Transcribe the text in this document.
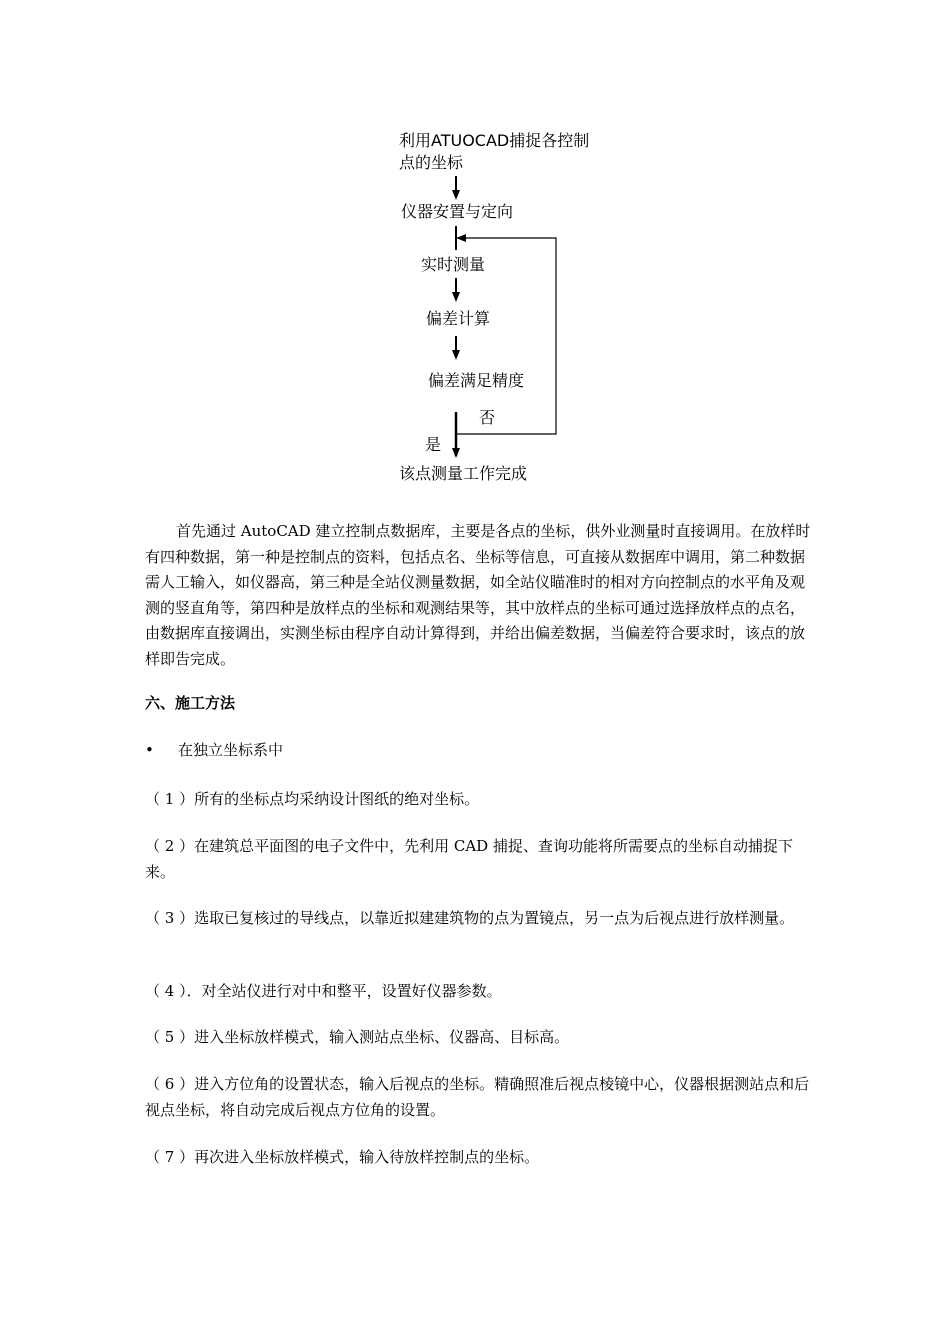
利用ATUOCAD捕捉各控制
点的坐标
仪器安置与定向
实时测量
偏差计算
偏差满足精度
否
是
该点测量工作完成

首先通过 AutoCAD 建立控制点数据库，主要是各点的坐标，供外业测量时直接调用。在放样时有四种数据，第一种是控制点的资料，包括点名、坐标等信息，可直接从数据库中调用，第二种数据需人工输入，如仪器高，第三种是全站仪测量数据，如全站仪瞄准时的相对方向控制点的水平角及观测的竖直角等，第四种是放样点的坐标和观测结果等，其中放样点的坐标可通过选择放样点的点名，由数据库直接调出，实测坐标由程序自动计算得到，并给出偏差数据，当偏差符合要求时，该点的放样即告完成。

六、施工方法

• 在独立坐标系中

（ 1 ）所有的坐标点均采纳设计图纸的绝对坐标。

（ 2 ）在建筑总平面图的电子文件中，先利用 CAD 捕捉、查询功能将所需要点的坐标自动捕捉下来。

（ 3 ）选取已复核过的导线点，以靠近拟建建筑物的点为置镜点，另一点为后视点进行放样测量。

（ 4 ）．对全站仪进行对中和整平，设置好仪器参数。

（ 5 ）进入坐标放样模式，输入测站点坐标、仪器高、目标高。

（ 6 ）进入方位角的设置状态，输入后视点的坐标。精确照准后视点棱镜中心，仪器根据测站点和后视点坐标，将自动完成后视点方位角的设置。

（ 7 ）再次进入坐标放样模式，输入待放样控制点的坐标。
